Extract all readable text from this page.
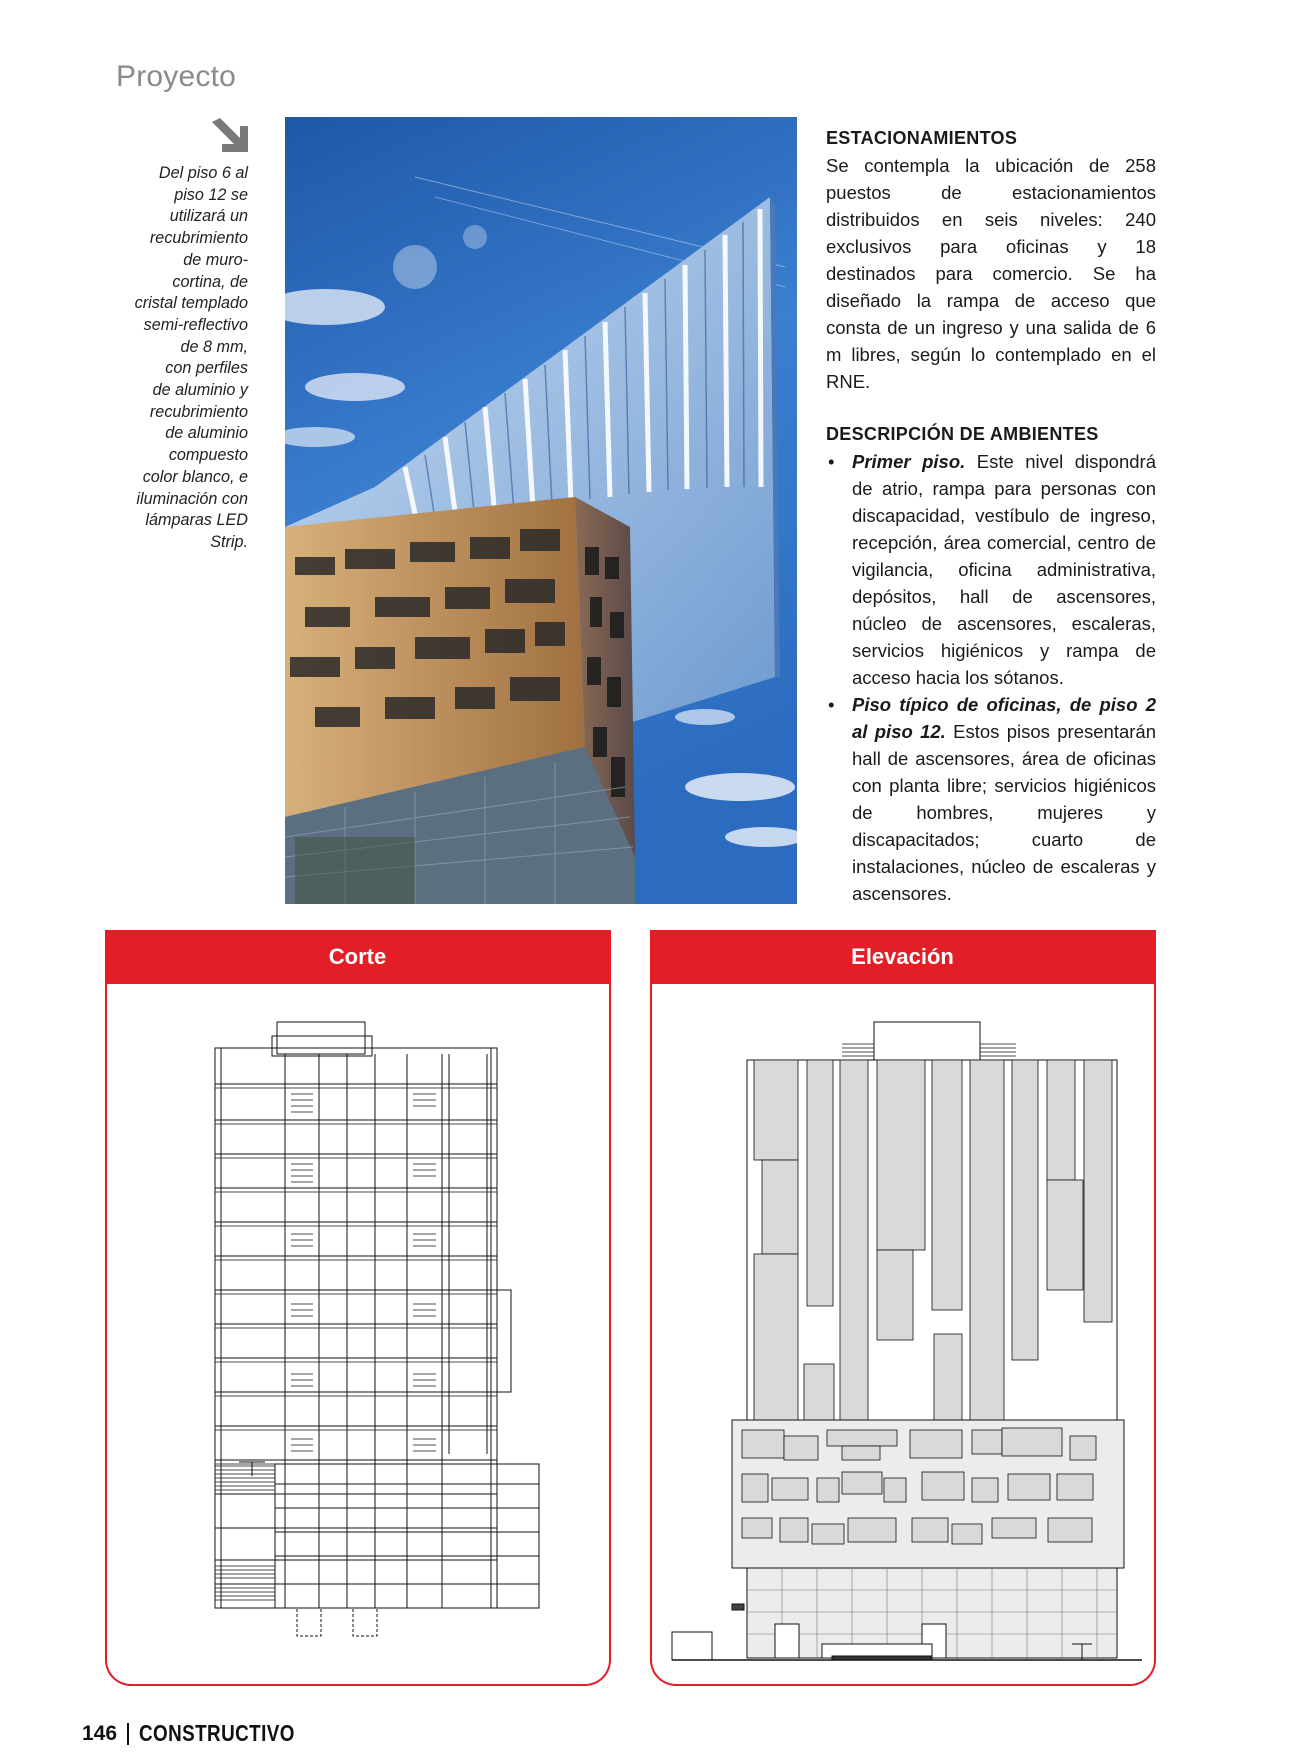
Proyecto
Del piso 6 al
piso 12 se
utilizará un
recubrimiento
de muro-
cortina, de
cristal templado
semi-reflectivo
de 8 mm,
con perfiles
de aluminio y
recubrimiento
de aluminio
compuesto
color blanco, e
iluminación con
lámparas LED
Strip.
ESTACIONAMIENTOS

Se contempla la ubicación de 258 puestos de estacionamientos distribuidos en seis niveles: 240 exclusivos para oficinas y 18 destinados para comercio. Se ha diseñado la rampa de acceso que consta de un ingreso y una salida de 6 m libres, según lo contemplado en el RNE.

DESCRIPCIÓN DE AMBIENTES
• Primer piso. Este nivel dispondrá de atrio, rampa para personas con discapacidad, vestíbulo de ingreso, recepción, área comercial, centro de vigilancia, oficina administrativa, depósitos, hall de ascensores, núcleo de ascensores, escaleras, servicios higiénicos y rampa de acceso hacia los sótanos.
• Piso típico de oficinas, de piso 2 al piso 12. Estos pisos presentarán hall de ascensores, área de oficinas con planta libre; servicios higiénicos de hombres, mujeres y discapacitados; cuarto de instalaciones, núcleo de escaleras y ascensores.
Corte	Elevación
146 CONSTRUCTIVO
